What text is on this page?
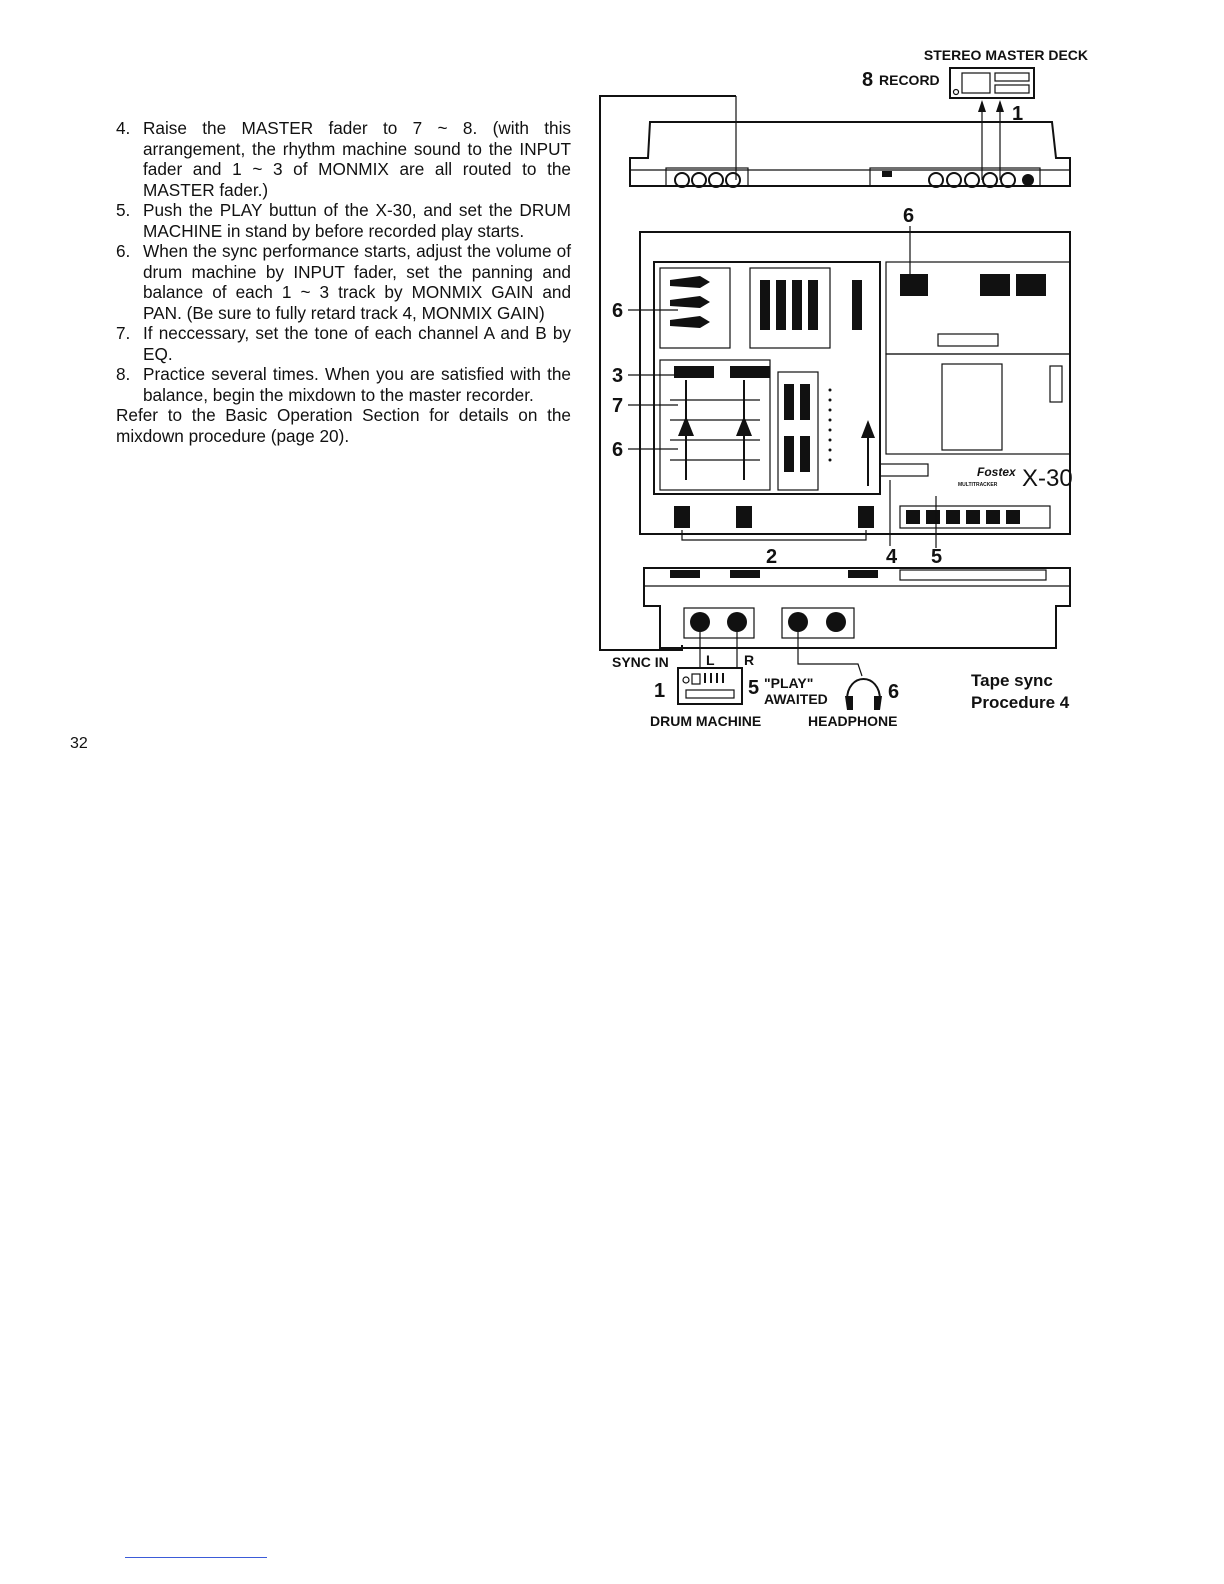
4. Raise the MASTER fader to 7 ~ 8. (with this arrangement, the rhythm machine sound to the INPUT fader and 1 ~ 3 of MONMIX are all routed to the MASTER fader.)

5. Push the PLAY buttun of the X-30, and set the DRUM MACHINE in stand by before recorded play starts.

6. When the sync performance starts, adjust the volume of drum machine by INPUT fader, set the panning and balance of each 1 ~ 3 track by MONMIX GAIN and PAN. (Be sure to fully retard track 4, MONMIX GAIN)

7. If neccessary, set the tone of each channel A and B by EQ.

8. Practice several times. When you are satisfied with the balance, begin the mixdown to the master recorder.

Refer to the Basic Operation Section for details on the mixdown procedure (page 20).

STEREO MASTER DECK
8 RECORD
1
6
Fostex
MULTITRACKER X-30
6
3
7
6
2	4 5
SYNC IN	L R
1	5 "PLAY"
AWAITED	6
DRUM MACHINE	HEADPHONE
Tape sync
Procedure 4
32
